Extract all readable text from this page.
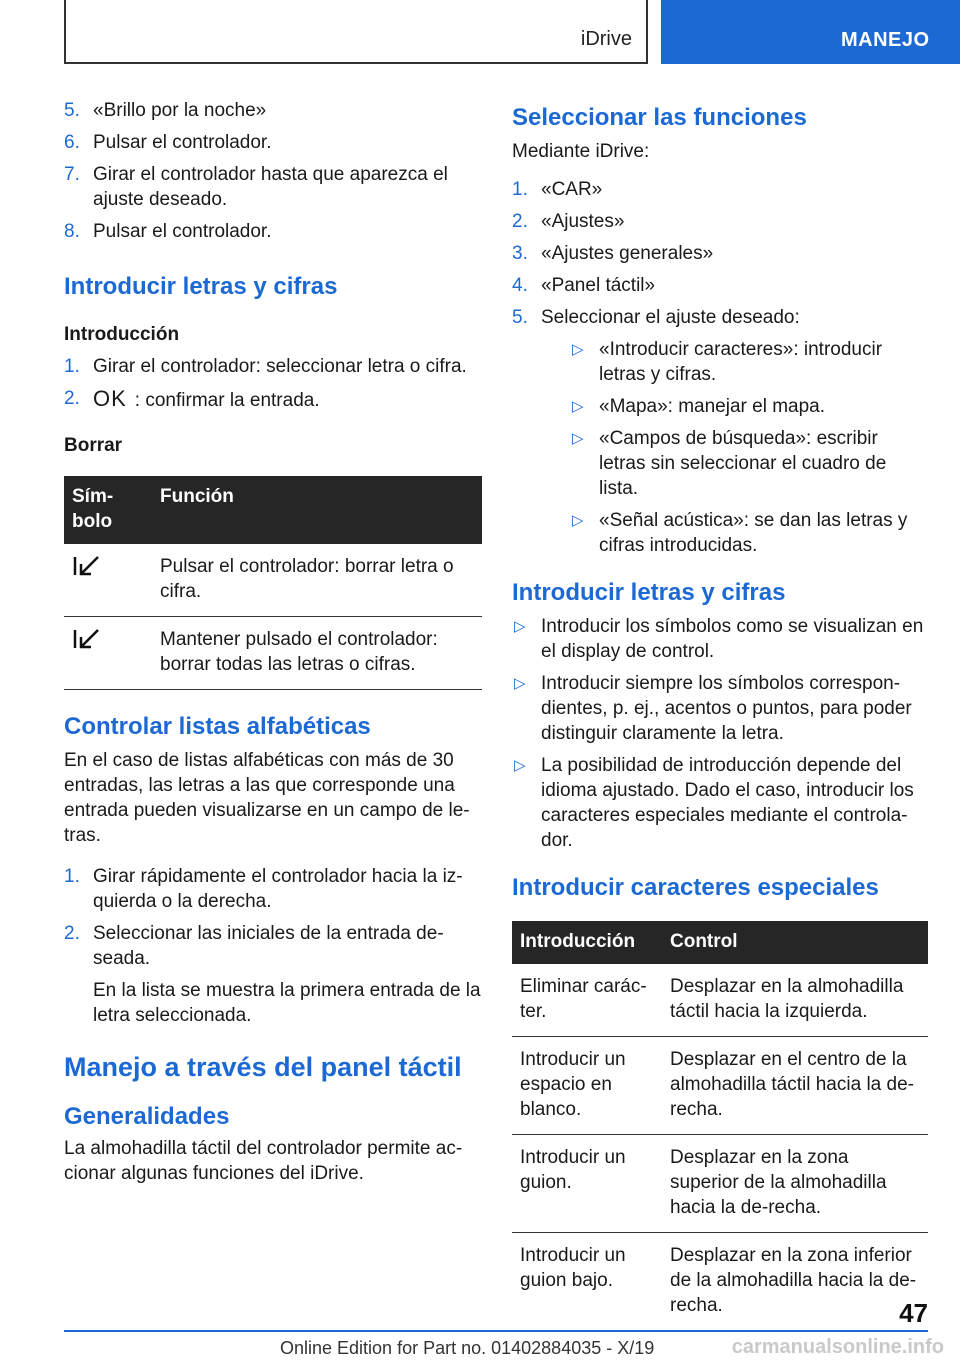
iDrive	MANEJO
5. «Brillo por la noche»
6. Pulsar el controlador.
7. Girar el controlador hasta que aparezca el ajuste deseado.
8. Pulsar el controlador.
Introducir letras y cifras
Introducción
1. Girar el controlador: seleccionar letra o cifra.
2. OK : confirmar la entrada.
Borrar
Sím-
bolo	Función
	Pulsar el controlador: borrar letra o cifra.
	Mantener pulsado el controlador: borrar todas las letras o cifras.
Controlar listas alfabéticas

En el caso de listas alfabéticas con más de 30 entradas, las letras a las que corresponde una entrada pueden visualizarse en un campo de le-tras.

1. Girar rápidamente el controlador hacia la iz-quierda o la derecha.
2. Seleccionar las iniciales de la entrada de-seada.
En la lista se muestra la primera entrada de la letra seleccionada.
Manejo a través del panel táctil
Generalidades

La almohadilla táctil del controlador permite ac-cionar algunas funciones del iDrive.

Seleccionar las funciones

Mediante iDrive:

1. «CAR»
2. «Ajustes»
3. «Ajustes generales»
4. «Panel táctil»
5. Seleccionar el ajuste deseado:
▷ «Introducir caracteres»: introducir letras y cifras.
▷ «Mapa»: manejar el mapa.
▷ «Campos de búsqueda»: escribir letras sin seleccionar el cuadro de lista.
▷ «Señal acústica»: se dan las letras y cifras introducidas.
Introducir letras y cifras
▷ Introducir los símbolos como se visualizan en el display de control.
▷ Introducir siempre los símbolos correspon-dientes, p. ej., acentos o puntos, para poder distinguir claramente la letra.
▷ La posibilidad de introducción depende del idioma ajustado. Dado el caso, introducir los caracteres especiales mediante el controla-dor.
Introducir caracteres especiales
Introducción	Control
Eliminar carác-ter.	Desplazar en la almohadilla táctil hacia la izquierda.
Introducir un espacio en blanco.	Desplazar en el centro de la almohadilla táctil hacia la de-recha.
Introducir un guion.	Desplazar en la zona superior de la almohadilla hacia la de-recha.
Introducir un guion bajo.	Desplazar en la zona inferior de la almohadilla hacia la de-recha.	47
Online Edition for Part no. 01402884035 - X/19	carmanualsonline.info
